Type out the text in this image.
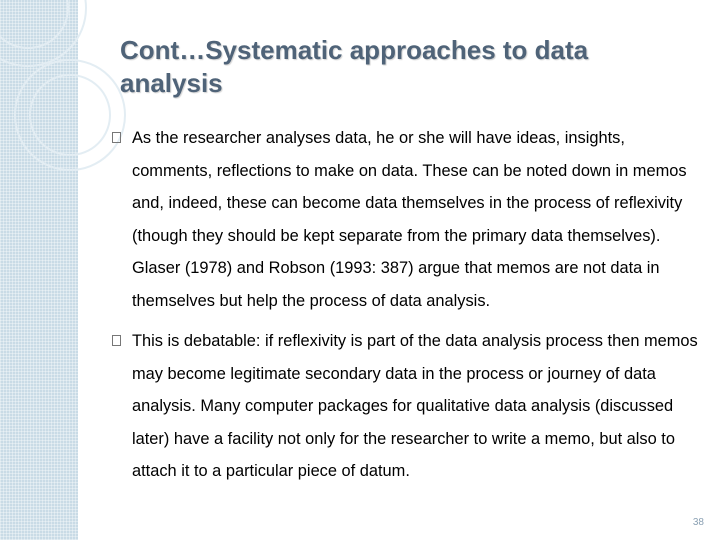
Cont…Systematic approaches to data analysis
As the researcher analyses data, he or she will have ideas, insights, comments, reflections to make on data. These can be noted down in memos and, indeed, these can become data themselves in the process of reflexivity (though they should be kept separate from the primary data themselves). Glaser (1978) and Robson (1993: 387) argue that memos are not data in themselves but help the process of data analysis.
This is debatable: if reflexivity is part of the data analysis process then memos may become legitimate secondary data in the process or journey of data analysis. Many computer packages for qualitative data analysis (discussed later) have a facility not only for the researcher to write a memo, but also to attach it to a particular piece of datum.
38
